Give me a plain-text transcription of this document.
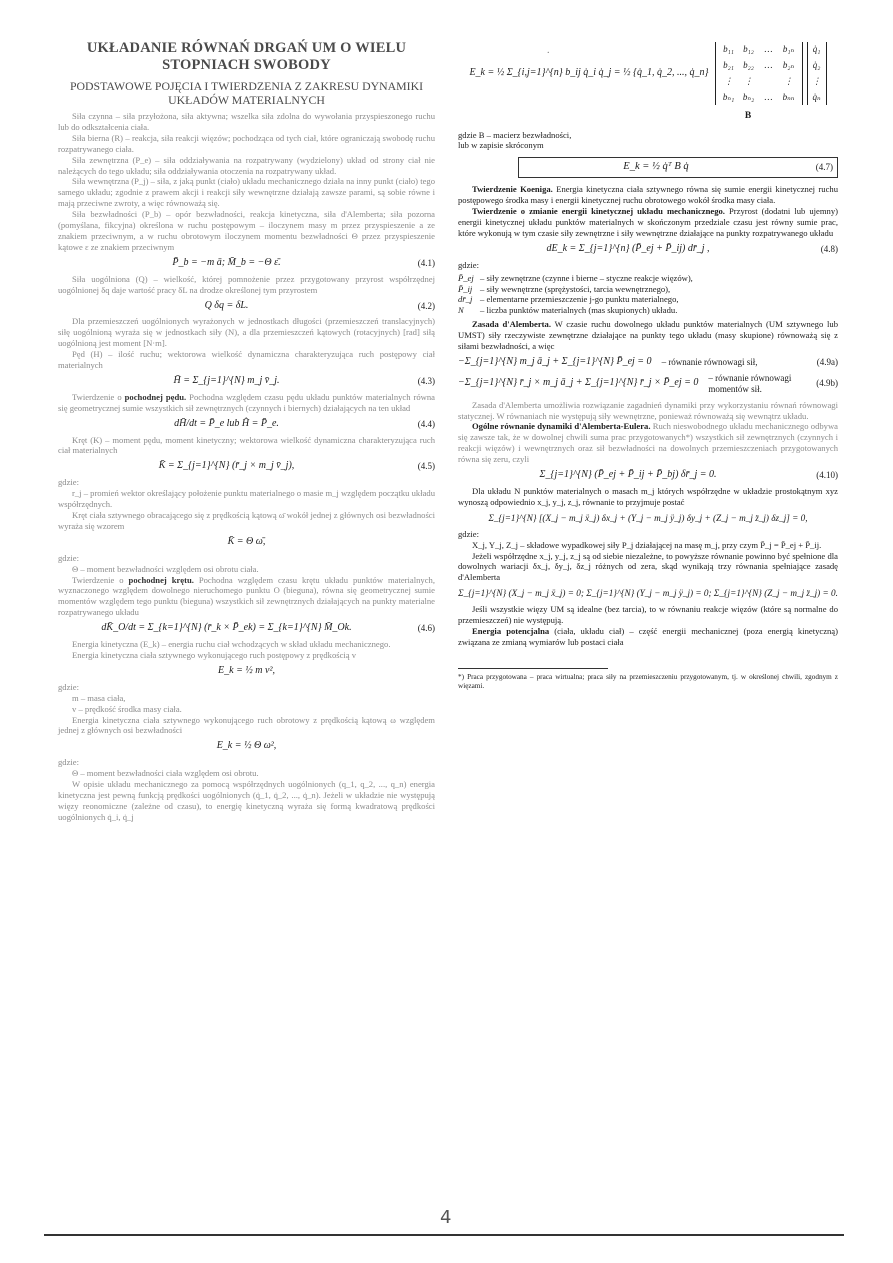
.
UKŁADANIE RÓWNAŃ DRGAŃ UM O WIELU STOPNIACH SWOBODY
PODSTAWOWE POJĘCIA I TWIERDZENIA Z ZAKRESU DYNAMIKI UKŁADÓW MATERIALNYCH

Siła czynna – siła przyłożona, siła aktywna; wszelka siła zdolna do wywołania przyspieszonego ruchu lub do odkształcenia ciała.

Siła bierna (R) – reakcja, siła reakcji więzów; pochodząca od tych ciał, które ograniczają swobodę ruchu rozpatrywanego ciała.

Siła zewnętrzna (P_e) – siła oddziaływania na rozpatrywany (wydzielony) układ od strony ciał nie należących do tego układu; siła oddziaływania otoczenia na rozpatrywany układ.

Siła wewnętrzna (P_j) – siła, z jaką punkt (ciało) układu mechanicznego działa na inny punkt (ciało) tego samego układu; zgodnie z prawem akcji i reakcji siły wewnętrzne działają zawsze parami, są sobie równe i mają przeciwne zwroty, a więc równoważą się.

Siła bezwładności (P_b) – opór bezwładności, reakcja kinetyczna, siła d'Alemberta; siła pozorna (pomyślana, fikcyjna) określona w ruchu postępowym – iloczynem masy m przez przyspieszenie a ze znakiem przeciwnym, a w ruchu obrotowym iloczynem momentu bezwładności Θ przez przyspieszenie kątowe ε ze znakiem przeciwnym

P̄_b = −m ā; M̄_b = −Θ ε̄.	(4.1)

Siła uogólniona (Q) – wielkość, której pomnożenie przez przygotowany przyrost współrzędnej uogólnionej δq daje wartość pracy δL na drodze określonej tym przyrostem

Q δq = δL.	(4.2)

Dla przemieszczeń uogólnionych wyrażonych w jednostkach długości (przemieszczeń translacyjnych) siłę uogólnioną wyraża się w jednostkach siły (N), a dla przemieszczeń kątowych (rotacyjnych) [rad] siłą uogólnioną jest moment [N·m].

Pęd (H) – ilość ruchu; wektorowa wielkość dynamiczna charakteryzująca ruch postępowy ciał materialnych

H̄ = Σ_{j=1}^{N} m_j v̄_j.	(4.3)

Twierdzenie o pochodnej pędu. Pochodna względem czasu pędu układu punktów materialnych równa się geometrycznej sumie wszystkich sił zewnętrznych (czynnych i biernych) działających na ten układ

dH̄/dt = P̄_e lub H̄̇ = P̄_e.	(4.4)

Kręt (K) – moment pędu, moment kinetyczny; wektorowa wielkość dynamiczna charakteryzująca ruch ciał materialnych

K̄ = Σ_{j=1}^{N} (r̄_j × m_j v̄_j),	(4.5)

gdzie:

r_j – promień wektor określający położenie punktu materialnego o masie m_j względem początku układu współrzędnych.

Kręt ciała sztywnego obracającego się z prędkością kątową ω̄ wokół jednej z głównych osi bezwładności wyraża się wzorem

K̄ = Θ ω̄,

gdzie:

Θ – moment bezwładności względem osi obrotu ciała.

Twierdzenie o pochodnej krętu. Pochodna względem czasu krętu układu punktów materialnych, wyznaczonego względem dowolnego nieruchomego punktu O (bieguna), równa się geometrycznej sumie momentów względem tego punktu (bieguna) wszystkich sił zewnętrznych działających na punkty materialne rozpatrywanego układu

dK̄_O/dt = Σ_{k=1}^{N} (r̄_k × P̄_ek) = Σ_{k=1}^{N} M̄_Ok.	(4.6)

Energia kinetyczna (E_k) – energia ruchu ciał wchodzących w skład układu mechanicznego.

Energia kinetyczna ciała sztywnego wykonującego ruch postępowy z prędkością v

E_k = ½ m v²,

gdzie:

m – masa ciała,

v – prędkość środka masy ciała.

Energia kinetyczna ciała sztywnego wykonującego ruch obrotowy z prędkością kątową ω względem jednej z głównych osi bezwładności

E_k = ½ Θ ω²,

gdzie:

Θ – moment bezwładności ciała względem osi obrotu.

W opisie układu mechanicznego za pomocą współrzędnych uogólnionych (q_1, q_2, ..., q_n) energia kinetyczna jest pewną funkcją prędkości uogólnionych (q̇_1, q̇_2, ..., q̇_n). Jeżeli w układzie nie występują więzy reonomiczne (zależne od czasu), to energię kinetyczną wyraża się formą kwadratową prędkości uogólnionych q̇_i, q̇_j

E_k = ½ Σ_{i,j=1}^{n} b_ij q̇_i q̇_j = ½ {q̇_1, q̇_2, ..., q̇_n}
b₁₁	b₁₂	…	b₁ₙ
b₂₁	b₂₂	…	b₂ₙ
⋮	⋮	⋮
bₙ₁ bₙ₂	…	bₙₙ
q̇₁
q̇₂
⋮
q̇ₙ
B

gdzie B – macierz bezwładności,

lub w zapisie skróconym

E_k = ½ q̇ᵀ B q̇	(4.7)

Twierdzenie Koeniga. Energia kinetyczna ciała sztywnego równa się sumie energii kinetycznej ruchu postępowego środka masy i energii kinetycznej ruchu obrotowego wokół środka masy ciała.

Twierdzenie o zmianie energii kinetycznej układu mechanicznego. Przyrost (dodatni lub ujemny) energii kinetycznej układu punktów materialnych w skończonym przedziale czasu jest równy sumie prac, które wykonują w tym czasie siły zewnętrzne i siły wewnętrzne działające na punkty rozpatrywanego układu

dE_k = Σ_{j=1}^{n} (P̄_ej + P̄_ij) dr̄_j ,	(4.8)

gdzie:

P̄_ej – siły zewnętrzne (czynne i bierne – styczne reakcje więzów),
P̄_ij – siły wewnętrzne (sprężystości, tarcia wewnętrznego),
dr̄_j – elementarne przemieszczenie j-go punktu materialnego,
N	– liczba punktów materialnych (mas skupionych) układu.

Zasada d'Alemberta. W czasie ruchu dowolnego układu punktów materialnych (UM sztywnego lub UMST) siły rzeczywiste zewnętrzne działające na punkty tego układu (masy skupione) równoważą się z siłami bezwładności, a więc

−Σ_{j=1}^{N} m_j ā_j + Σ_{j=1}^{N} P̄_ej = 0 – równanie równowagi sił,	(4.9a)
−Σ_{j=1}^{N} r̄_j × m_j ā_j + Σ_{j=1}^{N} r̄_j × P̄_ej = 0 – równanie równowagi momentów sił.
(4.9b)

Zasada d'Alemberta umożliwia rozwiązanie zagadnień dynamiki przy wykorzystaniu równań równowagi statycznej. W równaniach nie występują siły wewnętrzne, ponieważ równoważą się wewnątrz układu.

Ogólne równanie dynamiki d'Alemberta-Eulera. Ruch nieswobodnego układu mechanicznego odbywa się zawsze tak, że w dowolnej chwili suma prac przygotowanych*) wszystkich sił zewnętrznych (czynnych i reakcji więzów) i wewnętrznych oraz sił bezwładności na dowolnych przemieszczeniach przygotowanych równa się zeru, czyli

Σ_{j=1}^{N} (P̄_ej + P̄_ij + P̄_bj) δr̄_j = 0.	(4.10)

Dla układu N punktów materialnych o masach m_j których współrzędne w układzie prostokątnym xyz wynoszą odpowiednio x_j, y_j, z_j, równanie to przyjmuje postać

Σ_{j=1}^{N} [(X_j − m_j ẍ_j) δx_j + (Y_j − m_j ÿ_j) δy_j + (Z_j − m_j z̈_j) δz_j] = 0,

gdzie:

X_j, Y_j, Z_j – składowe wypadkowej siły P_j działającej na masę m_j, przy czym P̄_j = P̄_ej + P̄_ij.

Jeżeli współrzędne x_j, y_j, z_j są od siebie niezależne, to powyższe równanie powinno być spełnione dla dowolnych wariacji δx_j, δy_j, δz_j różnych od zera, skąd wynikają trzy równania spełniające zasadę d'Alemberta

Σ_{j=1}^{N} (X_j − m_j ẍ_j) = 0; Σ_{j=1}^{N} (Y_j − m_j ÿ_j) = 0; Σ_{j=1}^{N} (Z_j − m_j z̈_j) = 0.

Jeśli wszystkie więzy UM są idealne (bez tarcia), to w równaniu reakcje więzów (które są normalne do przemieszczeń) nie występują.

Energia potencjalna (ciała, układu ciał) – część energii mechanicznej (poza energią kinetyczną) związana ze zmianą wymiarów lub postaci ciała

*) Praca przygotowana – praca wirtualna; praca siły na przemieszczeniu przygotowanym, tj. w określonej chwili, zgodnym z więzami.

4
